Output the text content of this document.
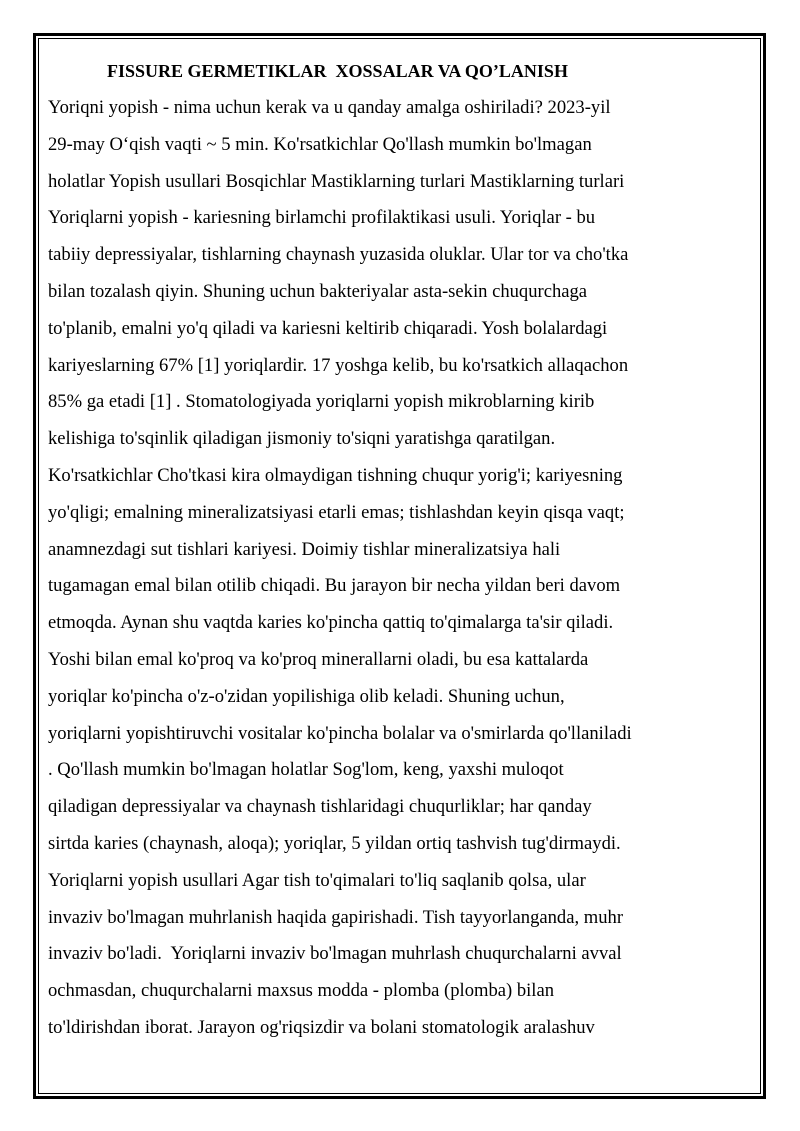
FISSURE GERMETIKLAR  XOSSALAR VA QO’LANISH
Yoriqni yopish - nima uchun kerak va u qanday amalga oshiriladi? 2023-yil
29-may O‘qish vaqti ~ 5 min. Ko'rsatkichlar Qo'llash mumkin bo'lmagan
holatlar Yopish usullari Bosqichlar Mastiklarning turlari Mastiklarning turlari
Yoriqlarni yopish - kariesning birlamchi profilaktikasi usuli. Yoriqlar - bu
tabiiy depressiyalar, tishlarning chaynash yuzasida oluklar. Ular tor va cho'tka
bilan tozalash qiyin. Shuning uchun bakteriyalar asta-sekin chuqurchaga
to'planib, emalni yo'q qiladi va kariesni keltirib chiqaradi. Yosh bolalardagi
kariyeslarning 67% [1] yoriqlardir. 17 yoshga kelib, bu ko'rsatkich allaqachon
85% ga etadi [1] . Stomatologiyada yoriqlarni yopish mikroblarning kirib
kelishiga to'sqinlik qiladigan jismoniy to'siqni yaratishga qaratilgan.
Ko'rsatkichlar Cho'tkasi kira olmaydigan tishning chuqur yorig'i; kariyesning
yo'qligi; emalning mineralizatsiyasi etarli emas; tishlashdan keyin qisqa vaqt;
anamnezdagi sut tishlari kariyesi. Doimiy tishlar mineralizatsiya hali
tugamagan emal bilan otilib chiqadi. Bu jarayon bir necha yildan beri davom
etmoqda. Aynan shu vaqtda karies ko'pincha qattiq to'qimalarga ta'sir qiladi.
Yoshi bilan emal ko'proq va ko'proq minerallarni oladi, bu esa kattalarda
yoriqlar ko'pincha o'z-o'zidan yopilishiga olib keladi. Shuning uchun,
yoriqlarni yopishtiruvchi vositalar ko'pincha bolalar va o'smirlarda qo'llaniladi
. Qo'llash mumkin bo'lmagan holatlar Sog'lom, keng, yaxshi muloqot
qiladigan depressiyalar va chaynash tishlaridagi chuqurliklar; har qanday
sirtda karies (chaynash, aloqa); yoriqlar, 5 yildan ortiq tashvish tug'dirmaydi.
Yoriqlarni yopish usullari Agar tish to'qimalari to'liq saqlanib qolsa, ular
invaziv bo'lmagan muhrlanish haqida gapirishadi. Tish tayyorlanganda, muhr
invaziv bo'ladi.  Yoriqlarni invaziv bo'lmagan muhrlash chuqurchalarni avval
ochmasdan, chuqurchalarni maxsus modda - plomba (plomba) bilan
to'ldirishdan iborat. Jarayon og'riqsizdir va bolani stomatologik aralashuv
